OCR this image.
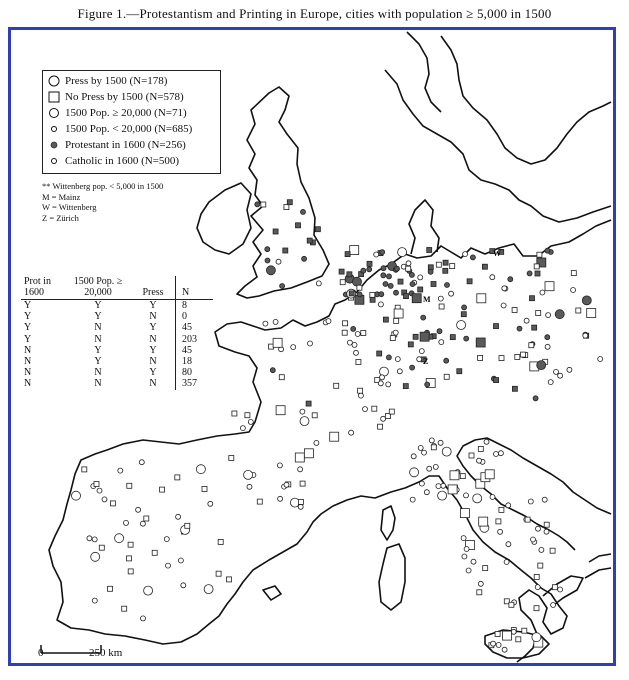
Figure 1.—Protestantism and Printing in Europe, cities with population ≥ 5,000 in 1500
M
W
Z
Press by 1500 (N=178)
No Press by 1500 (N=578)
1500 Pop. ≥ 20,000 (N=71)
1500 Pop. < 20,000 (N=685)
Protestant in 1600 (N=256)
Catholic in 1600 (N=500)
** Wittenberg pop. < 5,000 in 1500
M = Mainz
W = Wittenberg
Z = Zürich
Prot in 1600	1500 Pop. ≥ 20,000	Press	N
Y	Y	Y	8
Y	Y	N	0
Y	N	Y	45
Y	N	N	203
N	Y	Y	45
N	Y	N	18
N	N	Y	80
N	N	N	357
0	250 km
